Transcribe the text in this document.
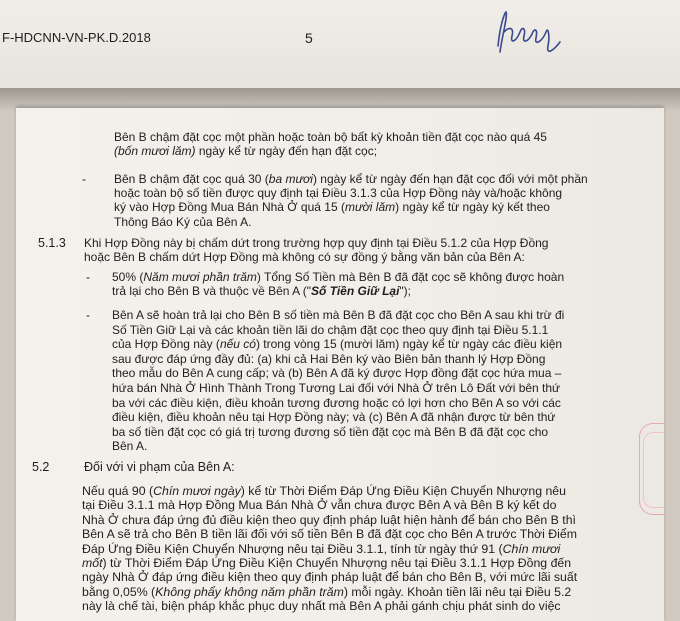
F-HDCNN-VN-PK.D.2018	5
Bên B chậm đặt cọc một phần hoặc toàn bộ bất kỳ khoản tiền đặt cọc nào quá 45
(bốn mươi lăm) ngày kể từ ngày đến hạn đặt cọc;
- Bên B chậm đặt cọc quá 30 (ba mươi) ngày kể từ ngày đến hạn đặt cọc đối với một phần
hoặc toàn bộ số tiền được quy định tại Điều 3.1.3 của Hợp Đồng này và/hoặc không
ký vào Hợp Đồng Mua Bán Nhà Ở quá 15 (mười lăm) ngày kể từ ngày ký kết theo
Thông Báo Ký của Bên A.
5.1.3 Khi Hợp Đồng này bị chấm dứt trong trường hợp quy định tại Điều 5.1.2 của Hợp Đồng
hoặc Bên B chấm dứt Hợp Đồng mà không có sự đồng ý bằng văn bản của Bên A:
- 50% (Năm mươi phần trăm) Tổng Số Tiền mà Bên B đã đặt cọc sẽ không được hoàn
trả lại cho Bên B và thuộc về Bên A ("Số Tiền Giữ Lại");
- Bên A sẽ hoàn trả lại cho Bên B số tiền mà Bên B đã đặt cọc cho Bên A sau khi trừ đi
Số Tiền Giữ Lại và các khoản tiền lãi do chậm đặt cọc theo quy định tại Điều 5.1.1
của Hợp Đồng này (nếu có) trong vòng 15 (mười lăm) ngày kể từ ngày các điều kiện
sau được đáp ứng đầy đủ: (a) khi cả Hai Bên ký vào Biên bản thanh lý Hợp Đồng
theo mẫu do Bên A cung cấp; và (b) Bên A đã ký được Hợp đồng đặt cọc hứa mua –
hứa bán Nhà Ở Hình Thành Trong Tương Lai đối với Nhà Ở trên Lô Đất với bên thứ
ba với các điều kiện, điều khoản tương đương hoặc có lợi hơn cho Bên A so với các
điều kiện, điều khoản nêu tại Hợp Đồng này; và (c) Bên A đã nhận được từ bên thứ
ba số tiền đặt cọc có giá trị tương đương số tiền đặt cọc mà Bên B đã đặt cọc cho
Bên A.
5.2	Đối với vi phạm của Bên A:
Nếu quá 90 (Chín mươi ngày) kể từ Thời Điểm Đáp Ứng Điều Kiện Chuyển Nhượng nêu
tại Điều 3.1.1 mà Hợp Đồng Mua Bán Nhà Ở vẫn chưa được Bên A và Bên B ký kết do
Nhà Ở chưa đáp ứng đủ điều kiện theo quy định pháp luật hiện hành để bán cho Bên B thì
Bên A sẽ trả cho Bên B tiền lãi đối với số tiền Bên B đã đặt cọc cho Bên A trước Thời Điểm
Đáp Ứng Điều Kiện Chuyển Nhượng nêu tại Điều 3.1.1, tính từ ngày thứ 91 (Chín mươi
mốt) từ Thời Điểm Đáp Ứng Điều Kiện Chuyển Nhượng nêu tại Điều 3.1.1 Hợp Đồng đến
ngày Nhà Ở đáp ứng điều kiện theo quy định pháp luật để bán cho Bên B, với mức lãi suất
bằng 0,05% (Không phẩy không năm phần trăm) mỗi ngày. Khoản tiền lãi nêu tại Điều 5.2
này là chế tài, biện pháp khắc phục duy nhất mà Bên A phải gánh chịu phát sinh do việc
